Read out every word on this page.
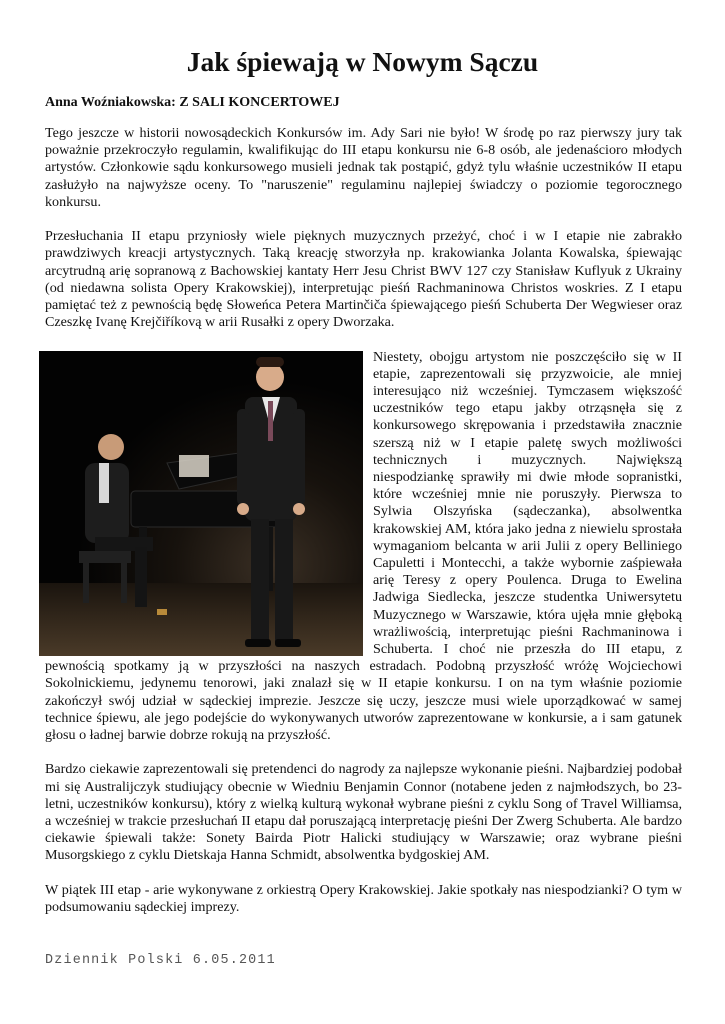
Jak śpiewają w Nowym Sączu

Anna Woźniakowska: Z SALI KONCERTOWEJ

Tego jeszcze w historii nowosądeckich Konkursów im. Ady Sari nie było! W środę po raz pierwszy jury tak poważnie przekroczyło regulamin, kwalifikując do III etapu konkursu nie 6-8 osób, ale jedenaścioro młodych artystów. Członkowie sądu konkursowego musieli jednak tak postąpić, gdyż tylu właśnie uczestników II etapu zasłużyło na najwyższe oceny. To "naruszenie" regulaminu najlepiej świadczy o poziomie tegorocznego konkursu.

Przesłuchania II etapu przyniosły wiele pięknych muzycznych przeżyć, choć i w I etapie nie zabrakło prawdziwych kreacji artystycznych. Taką kreację stworzyła np. krakowianka Jolanta Kowalska, śpiewając arcytrudną arię sopranową z Bachowskiej kantaty Herr Jesu Christ BWV 127 czy Stanisław Kuflyuk z Ukrainy (od niedawna solista Opery Krakowskiej), interpretując pieśń Rachmaninowa Christos woskries. Z I etapu pamiętać też z pewnością będę Słoweńca Petera Martinčiča śpiewającego pieśń Schuberta Der Wegwieser oraz Czeszkę Ivanę Krejčiříkovą w arii Rusałki z opery Dworzaka.

Niestety, obojgu artystom nie poszczęściło się w II etapie, zaprezentowali się przyzwoicie, ale mniej interesująco niż wcześniej. Tymczasem większość uczestników tego etapu jakby otrząsnęła się z konkursowego skrępowania i przedstawiła znacznie szerszą niż w I etapie paletę swych możliwości technicznych i muzycznych. Największą niespodziankę sprawiły mi dwie młode sopranistki, które wcześniej mnie nie poruszyły. Pierwsza to Sylwia Olszyńska (sądeczanka), absolwentka krakowskiej AM, która jako jedna z niewielu sprostała wymaganiom belcanta w arii Julii z opery Belliniego Capuletti i Montecchi, a także wybornie zaśpiewała arię Teresy z opery Poulenca. Druga to Ewelina Jadwiga Siedlecka, jeszcze studentka Uniwersytetu Muzycznego w Warszawie, która ujęła mnie głęboką wrażliwością, interpretując pieśni Rachmaninowa i Schuberta. I choć nie przeszła do III etapu, z pewnością spotkamy ją w przyszłości na naszych estradach. Podobną przyszłość wróżę Wojciechowi Sokolnickiemu, jedynemu tenorowi, jaki znalazł się w II etapie konkursu. I on na tym właśnie poziomie zakończył swój udział w sądeckiej imprezie. Jeszcze się uczy, jeszcze musi wiele uporządkować w samej technice śpiewu, ale jego podejście do wykonywanych utworów zaprezentowane w konkursie, a i sam gatunek głosu o ładnej barwie dobrze rokują na przyszłość.

Bardzo ciekawie zaprezentowali się pretendenci do nagrody za najlepsze wykonanie pieśni. Najbardziej podobał mi się Australijczyk studiujący obecnie w Wiedniu Benjamin Connor (notabene jeden z najmłodszych, bo 23-letni, uczestników konkursu), który z wielką kulturą wykonał wybrane pieśni z cyklu Song of Travel Williamsa, a wcześniej w trakcie przesłuchań II etapu dał poruszającą interpretację pieśni Der Zwerg Schuberta. Ale bardzo ciekawie śpiewali także: Sonety Bairda Piotr Halicki studiujący w Warszawie; oraz wybrane pieśni Musorgskiego z cyklu Dietskaja Hanna Schmidt, absolwentka bydgoskiej AM.

W piątek III etap - arie wykonywane z orkiestrą Opery Krakowskiej. Jakie spotkały nas niespodzianki? O tym w podsumowaniu sądeckiej imprezy.

Dziennik Polski 6.05.2011
